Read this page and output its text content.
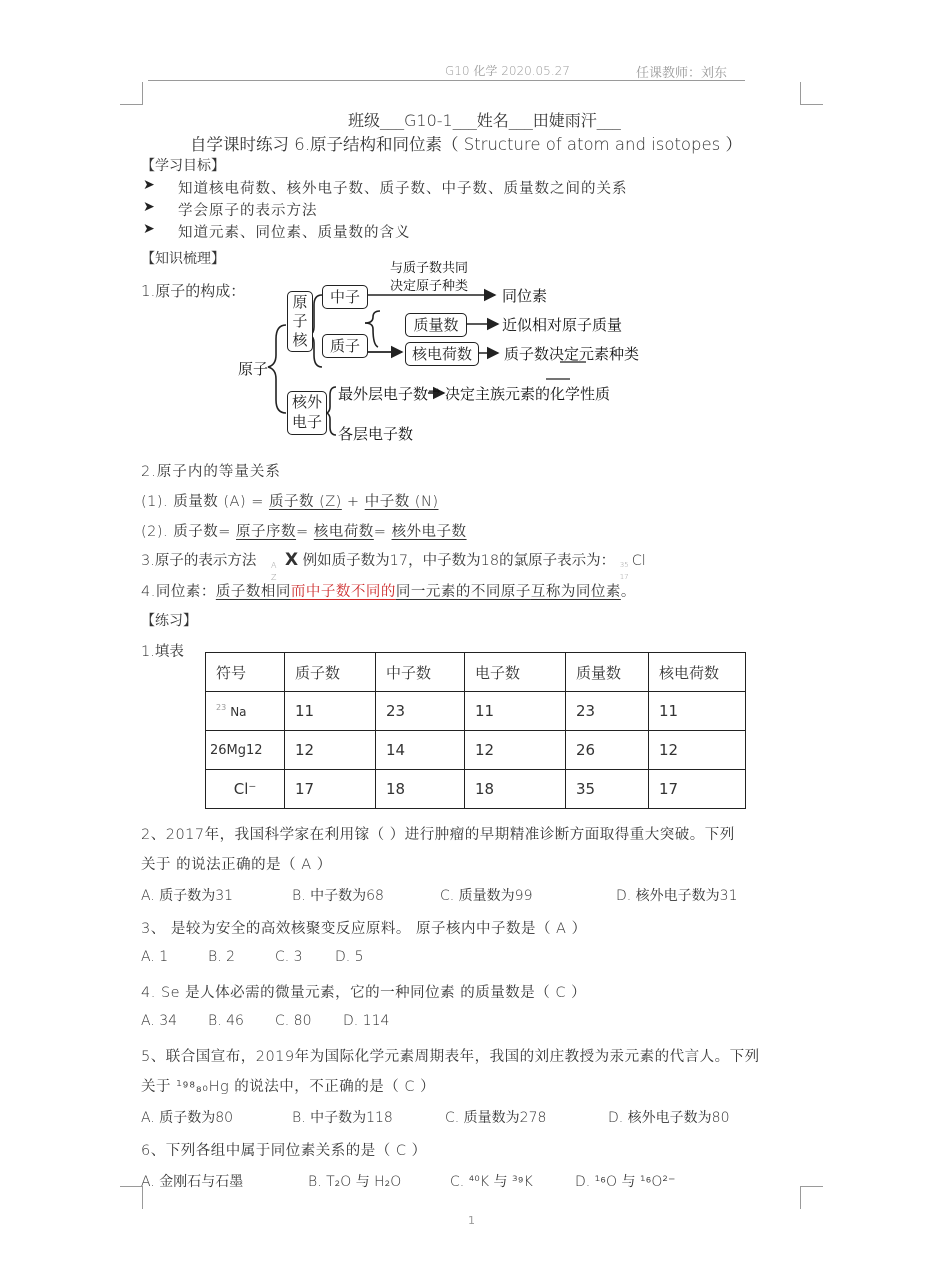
G10 化学 2020.05.27	任课教师：刘东
班级___G10-1___姓名___田婕雨汗___
自学课时练习 6.原子结构和同位素（ Structure of atom and isotopes ）
【学习目标】
➤ 知道核电荷数、核外电子数、质子数、中子数、质量数之间的关系
➤ 学会原子的表示方法
➤ 知道元素、同位素、质量数的含义
【知识梳理】
1.原子的构成：
原子
原
子
核
中子
质子
质量数
核电荷数
核外
电子
与质子数共同
决定原子种类
同位素
近似相对原子质量
质子数决定元素种类
最外层电子数 → 决定主族元素的化学性质
各层电子数
2.原子内的等量关系
(1). 质量数 (A) = 质子数 (Z) + 中子数 (N)
(2). 质子数= 原子序数= 核电荷数= 核外电子数
3.原子的表示方法 A
Z
X 例如质子数为17，中子数为18的氯原子表示为： 35
17
Cl
4.同位素：质子数相同而中子数不同的同一元素的不同原子互称为同位素。
【练习】
1.填表
符号	质子数	中子数	电子数	质量数	核电荷数
$^{23}$ Na	11	23	11	23	11
26Mg12	12	14	12	26	12
Cl⁻	17	18	18	35	17
2、2017年，我国科学家在利用镓（ ）进行肿瘤的早期精准诊断方面取得重大突破。下列
关于 的说法正确的是（ A ）
A. 质子数为31	B. 中子数为68	C. 质量数为99	D. 核外电子数为31
3、 是较为安全的高效核聚变反应原料。 原子核内中子数是（ A ）
A. 1	B. 2	C. 3 D. 5
4. Se 是人体必需的微量元素，它的一种同位素 的质量数是（ C ）
A. 34 B. 46 C. 80 D. 114
5、联合国宣布，2019年为国际化学元素周期表年，我国的刘庄教授为汞元素的代言人。下列
关于 ¹⁹⁸₈₀Hg 的说法中，不正确的是（ C ）
A. 质子数为80	B. 中子数为118	C. 质量数为278	D. 核外电子数为80
6、下列各组中属于同位素关系的是（ C ）
A. 金刚石与石墨	B. T₂O 与 H₂O	C. ⁴⁰K 与 ³⁹K	D. ¹⁶O 与 ¹⁶O²⁻
1
